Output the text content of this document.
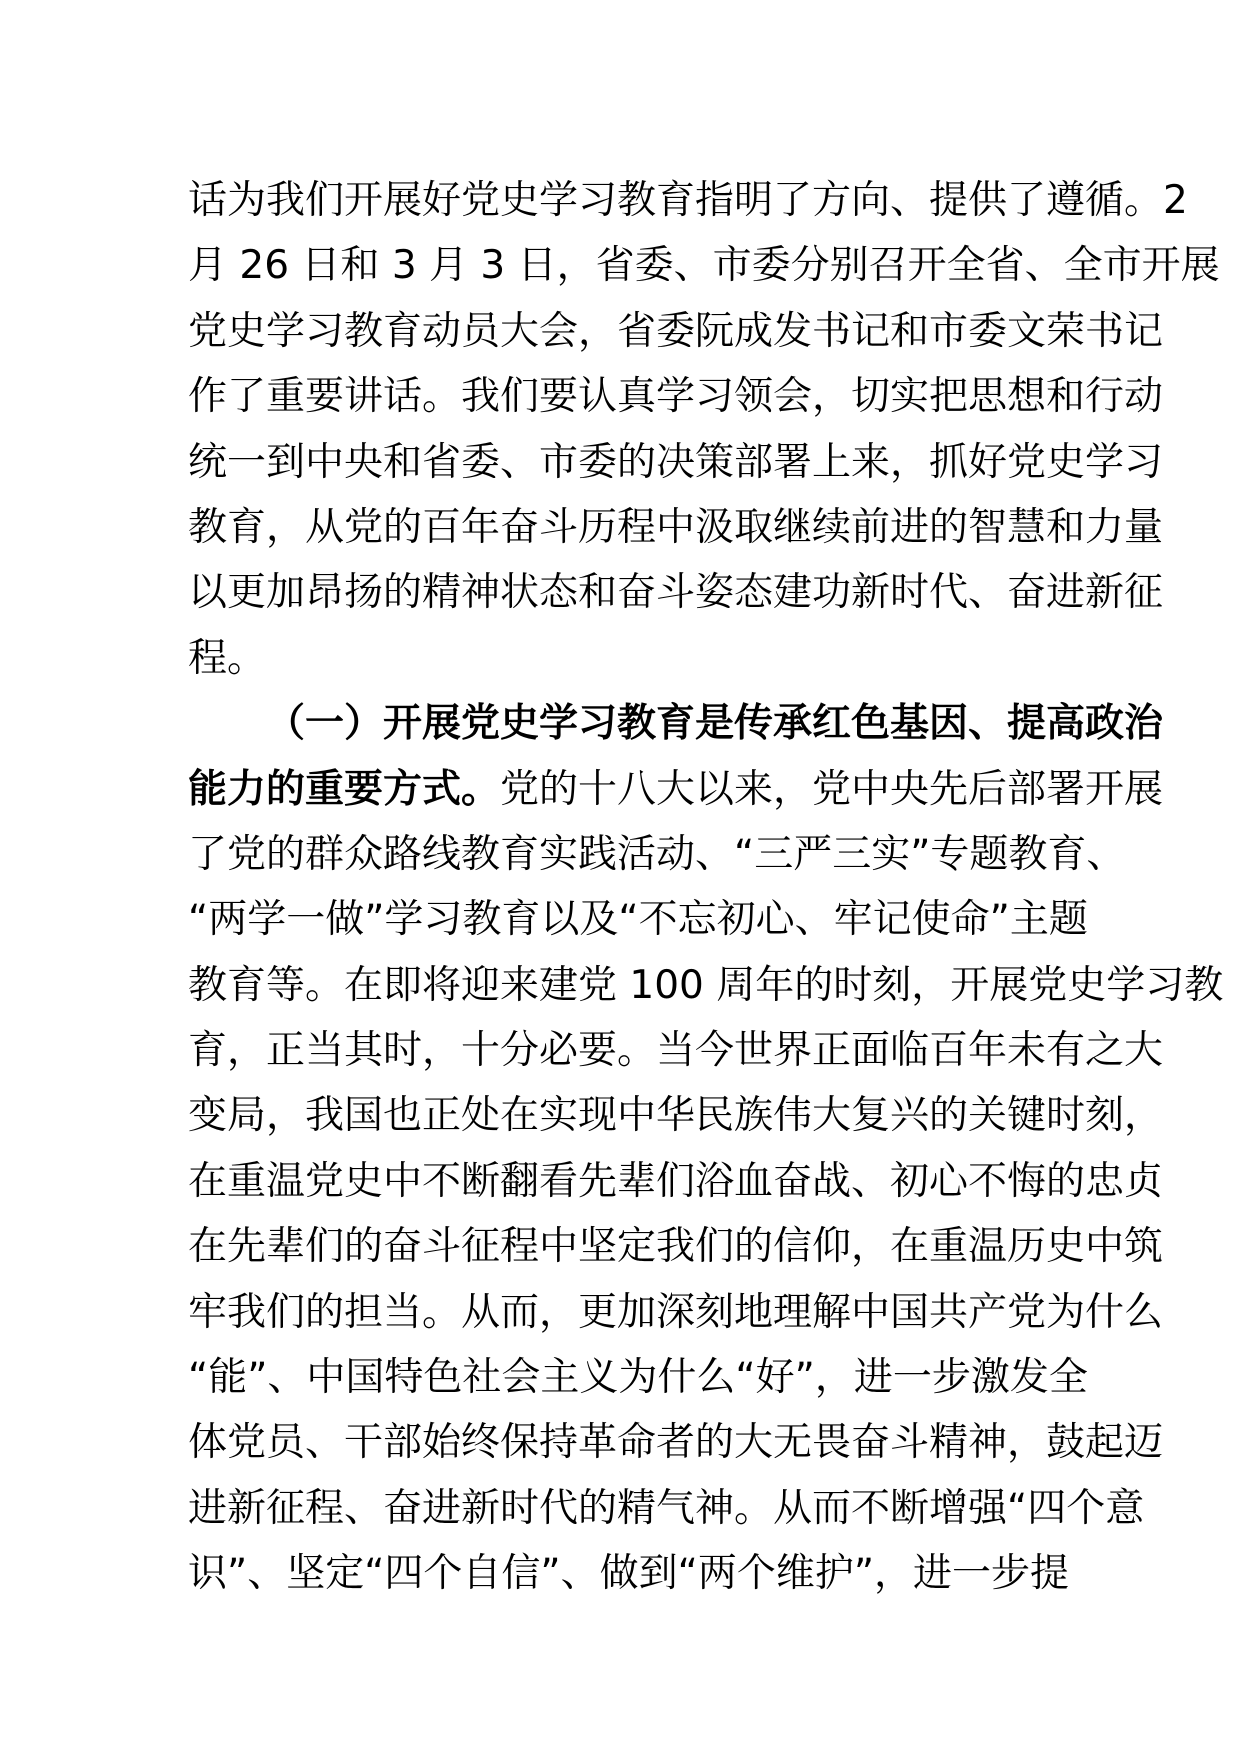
话为我们开展好党史学习教育指明了方向、提供了遵循。2
月 26 日和 3 月 3 日，省委、市委分别召开全省、全市开展
党史学习教育动员大会，省委阮成发书记和市委文荣书记
作了重要讲话。我们要认真学习领会，切实把思想和行动
统一到中央和省委、市委的决策部署上来，抓好党史学习
教育，从党的百年奋斗历程中汲取继续前进的智慧和力量
以更加昂扬的精神状态和奋斗姿态建功新时代、奋进新征
程。
（一）开展党史学习教育是传承红色基因、提高政治
能力的重要方式。党的十八大以来，党中央先后部署开展
了党的群众路线教育实践活动、“三严三实”专题教育、
“两学一做”学习教育以及“不忘初心、牢记使命”主题
教育等。在即将迎来建党 100 周年的时刻，开展党史学习教
育，正当其时，十分必要。当今世界正面临百年未有之大
变局，我国也正处在实现中华民族伟大复兴的关键时刻，
在重温党史中不断翻看先辈们浴血奋战、初心不悔的忠贞
在先辈们的奋斗征程中坚定我们的信仰，在重温历史中筑
牢我们的担当。从而，更加深刻地理解中国共产党为什么
“能”、中国特色社会主义为什么“好”，进一步激发全
体党员、干部始终保持革命者的大无畏奋斗精神，鼓起迈
进新征程、奋进新时代的精气神。从而不断增强“四个意
识”、坚定“四个自信”、做到“两个维护”，进一步提
